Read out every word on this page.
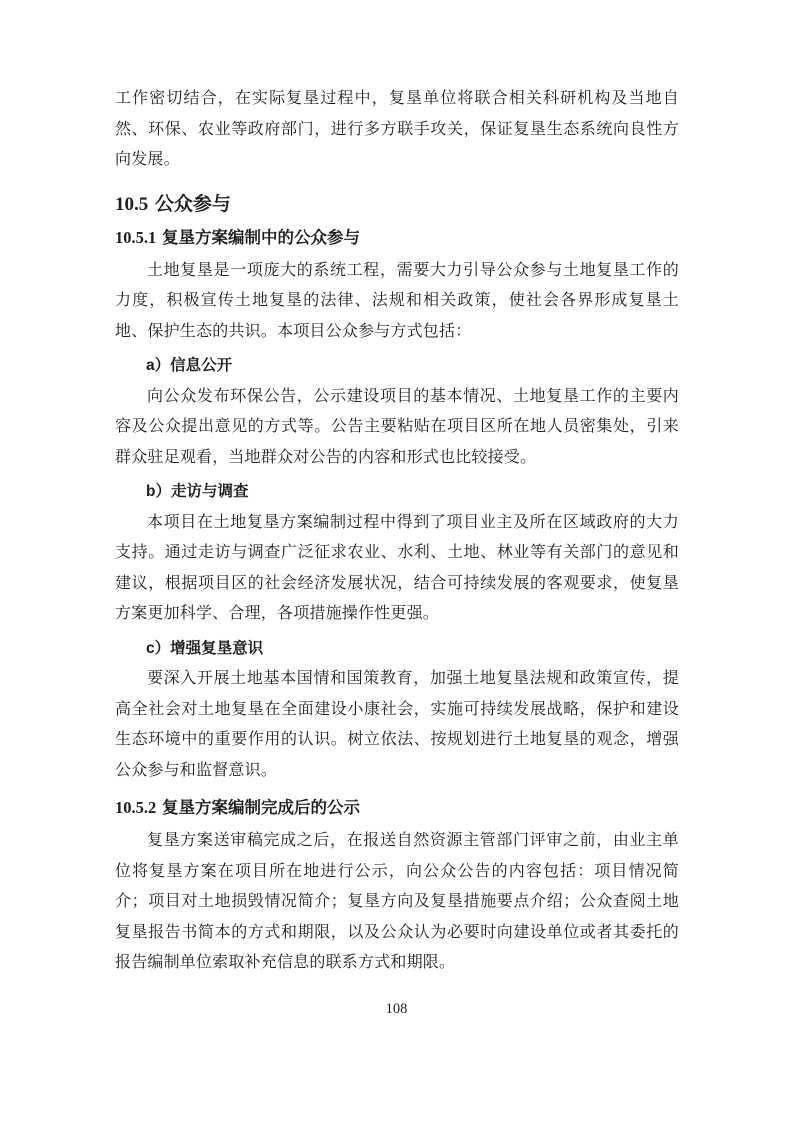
工作密切结合，在实际复垦过程中，复垦单位将联合相关科研机构及当地自然、环保、农业等政府部门，进行多方联手攻关，保证复垦生态系统向良性方向发展。

10.5 公众参与
10.5.1 复垦方案编制中的公众参与

土地复垦是一项庞大的系统工程，需要大力引导公众参与土地复垦工作的力度，积极宣传土地复垦的法律、法规和相关政策，使社会各界形成复垦土地、保护生态的共识。本项目公众参与方式包括：

a）信息公开

向公众发布环保公告，公示建设项目的基本情况、土地复垦工作的主要内容及公众提出意见的方式等。公告主要粘贴在项目区所在地人员密集处，引来群众驻足观看，当地群众对公告的内容和形式也比较接受。

b）走访与调查

本项目在土地复垦方案编制过程中得到了项目业主及所在区域政府的大力支持。通过走访与调查广泛征求农业、水利、土地、林业等有关部门的意见和建议，根据项目区的社会经济发展状况，结合可持续发展的客观要求，使复垦方案更加科学、合理，各项措施操作性更强。

c）增强复垦意识

要深入开展土地基本国情和国策教育，加强土地复垦法规和政策宣传，提高全社会对土地复垦在全面建设小康社会，实施可持续发展战略，保护和建设生态环境中的重要作用的认识。树立依法、按规划进行土地复垦的观念，增强公众参与和监督意识。

10.5.2 复垦方案编制完成后的公示

复垦方案送审稿完成之后，在报送自然资源主管部门评审之前，由业主单位将复垦方案在项目所在地进行公示，向公众公告的内容包括：项目情况简介；项目对土地损毁情况简介；复垦方向及复垦措施要点介绍；公众查阅土地复垦报告书简本的方式和期限，以及公众认为必要时向建设单位或者其委托的报告编制单位索取补充信息的联系方式和期限。

108
